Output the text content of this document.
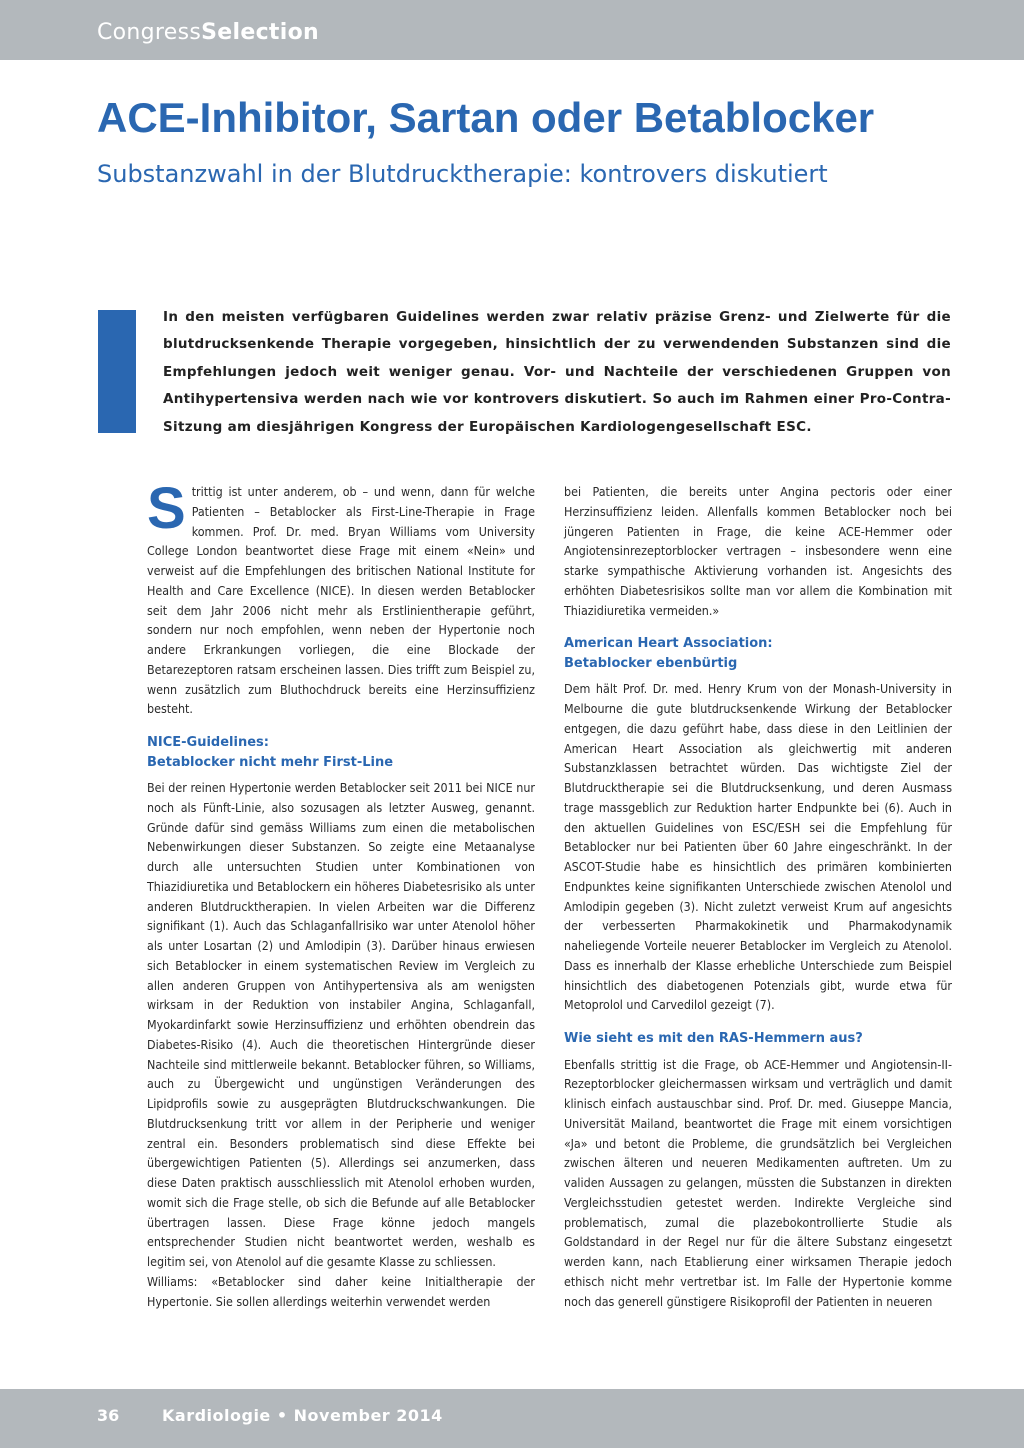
CongressSelection
ACE-Inhibitor, Sartan oder Betablocker
Substanzwahl in der Blutdrucktherapie: kontrovers diskutiert

In den meisten verfügbaren Guidelines werden zwar relativ präzise Grenz- und Zielwerte für die blutdrucksenkende Therapie vorgegeben, hinsichtlich der zu verwendenden Substanzen sind die Empfehlungen jedoch weit weniger genau. Vor- und Nachteile der verschiedenen Gruppen von Antihypertensiva werden nach wie vor kontrovers diskutiert. So auch im Rahmen einer Pro-Contra-Sitzung am diesjährigen Kongress der Europäischen Kardiologengesellschaft ESC.

Strittig ist unter anderem, ob – und wenn, dann für welche Patienten – Betablocker als First-Line-Therapie in Frage kommen. Prof. Dr. med. Bryan Williams vom University College London beantwortet diese Frage mit einem «Nein» und verweist auf die Empfehlungen des britischen National Institute for Health and Care Excellence (NICE). In diesen werden Betablocker seit dem Jahr 2006 nicht mehr als Erstlinientherapie geführt, sondern nur noch empfohlen, wenn neben der Hypertonie noch andere Erkrankungen vorliegen, die eine Blockade der Betarezeptoren ratsam erscheinen lassen. Dies trifft zum Beispiel zu, wenn zusätzlich zum Bluthochdruck bereits eine Herzinsuffizienz besteht.

NICE-Guidelines:
Betablocker nicht mehr First-Line

Bei der reinen Hypertonie werden Betablocker seit 2011 bei NICE nur noch als Fünft-Linie, also sozusagen als letzter Ausweg, genannt. Gründe dafür sind gemäss Williams zum einen die metabolischen Nebenwirkungen dieser Substanzen. So zeigte eine Metaanalyse durch alle untersuchten Studien unter Kombinationen von Thiazidiuretika und Betablockern ein höheres Diabetesrisiko als unter anderen Blutdrucktherapien. In vielen Arbeiten war die Differenz signifikant (1). Auch das Schlaganfallrisiko war unter Atenolol höher als unter Losartan (2) und Amlodipin (3). Darüber hinaus erwiesen sich Betablocker in einem systematischen Review im Vergleich zu allen anderen Gruppen von Antihypertensiva als am wenigsten wirksam in der Reduktion von instabiler Angina, Schlaganfall, Myokardinfarkt sowie Herzinsuffizienz und erhöhten obendrein das Diabetes-Risiko (4). Auch die theoretischen Hintergründe dieser Nachteile sind mittlerweile bekannt. Betablocker führen, so Williams, auch zu Übergewicht und ungünstigen Veränderungen des Lipidprofils sowie zu ausgeprägten Blutdruckschwankungen. Die Blutdrucksenkung tritt vor allem in der Peripherie und weniger zentral ein. Besonders problematisch sind diese Effekte bei übergewichtigen Patienten (5). Allerdings sei anzumerken, dass diese Daten praktisch ausschliesslich mit Atenolol erhoben wurden, womit sich die Frage stelle, ob sich die Befunde auf alle Betablocker übertragen lassen. Diese Frage könne jedoch mangels entsprechender Studien nicht beantwortet werden, weshalb es legitim sei, von Atenolol auf die gesamte Klasse zu schliessen.

Williams: «Betablocker sind daher keine Initialtherapie der Hypertonie. Sie sollen allerdings weiterhin verwendet werden

bei Patienten, die bereits unter Angina pectoris oder einer Herzinsuffizienz leiden. Allenfalls kommen Betablocker noch bei jüngeren Patienten in Frage, die keine ACE-Hemmer oder Angiotensinrezeptorblocker vertragen – insbesondere wenn eine starke sympathische Aktivierung vorhanden ist. Angesichts des erhöhten Diabetesrisikos sollte man vor allem die Kombination mit Thiazidiuretika vermeiden.»

American Heart Association:
Betablocker ebenbürtig

Dem hält Prof. Dr. med. Henry Krum von der Monash-University in Melbourne die gute blutdrucksenkende Wirkung der Betablocker entgegen, die dazu geführt habe, dass diese in den Leitlinien der American Heart Association als gleichwertig mit anderen Substanzklassen betrachtet würden. Das wichtigste Ziel der Blutdrucktherapie sei die Blutdrucksenkung, und deren Ausmass trage massgeblich zur Reduktion harter Endpunkte bei (6). Auch in den aktuellen Guidelines von ESC/ESH sei die Empfehlung für Betablocker nur bei Patienten über 60 Jahre eingeschränkt. In der ASCOT-Studie habe es hinsichtlich des primären kombinierten Endpunktes keine signifikanten Unterschiede zwischen Atenolol und Amlodipin gegeben (3). Nicht zuletzt verweist Krum auf angesichts der verbesserten Pharmakokinetik und Pharmakodynamik naheliegende Vorteile neuerer Betablocker im Vergleich zu Atenolol. Dass es innerhalb der Klasse erhebliche Unterschiede zum Beispiel hinsichtlich des diabetogenen Potenzials gibt, wurde etwa für Metoprolol und Carvedilol gezeigt (7).

Wie sieht es mit den RAS-Hemmern aus?

Ebenfalls strittig ist die Frage, ob ACE-Hemmer und Angiotensin-II-Rezeptorblocker gleichermassen wirksam und verträglich und damit klinisch einfach austauschbar sind. Prof. Dr. med. Giuseppe Mancia, Universität Mailand, beantwortet die Frage mit einem vorsichtigen «Ja» und betont die Probleme, die grundsätzlich bei Vergleichen zwischen älteren und neueren Medikamenten auftreten. Um zu validen Aussagen zu gelangen, müssten die Substanzen in direkten Vergleichsstudien getestet werden. Indirekte Vergleiche sind problematisch, zumal die plazebokontrollierte Studie als Goldstandard in der Regel nur für die ältere Substanz eingesetzt werden kann, nach Etablierung einer wirksamen Therapie jedoch ethisch nicht mehr vertretbar ist. Im Falle der Hypertonie komme noch das generell günstigere Risikoprofil der Patienten in neueren

36	Kardiologie • November 2014
